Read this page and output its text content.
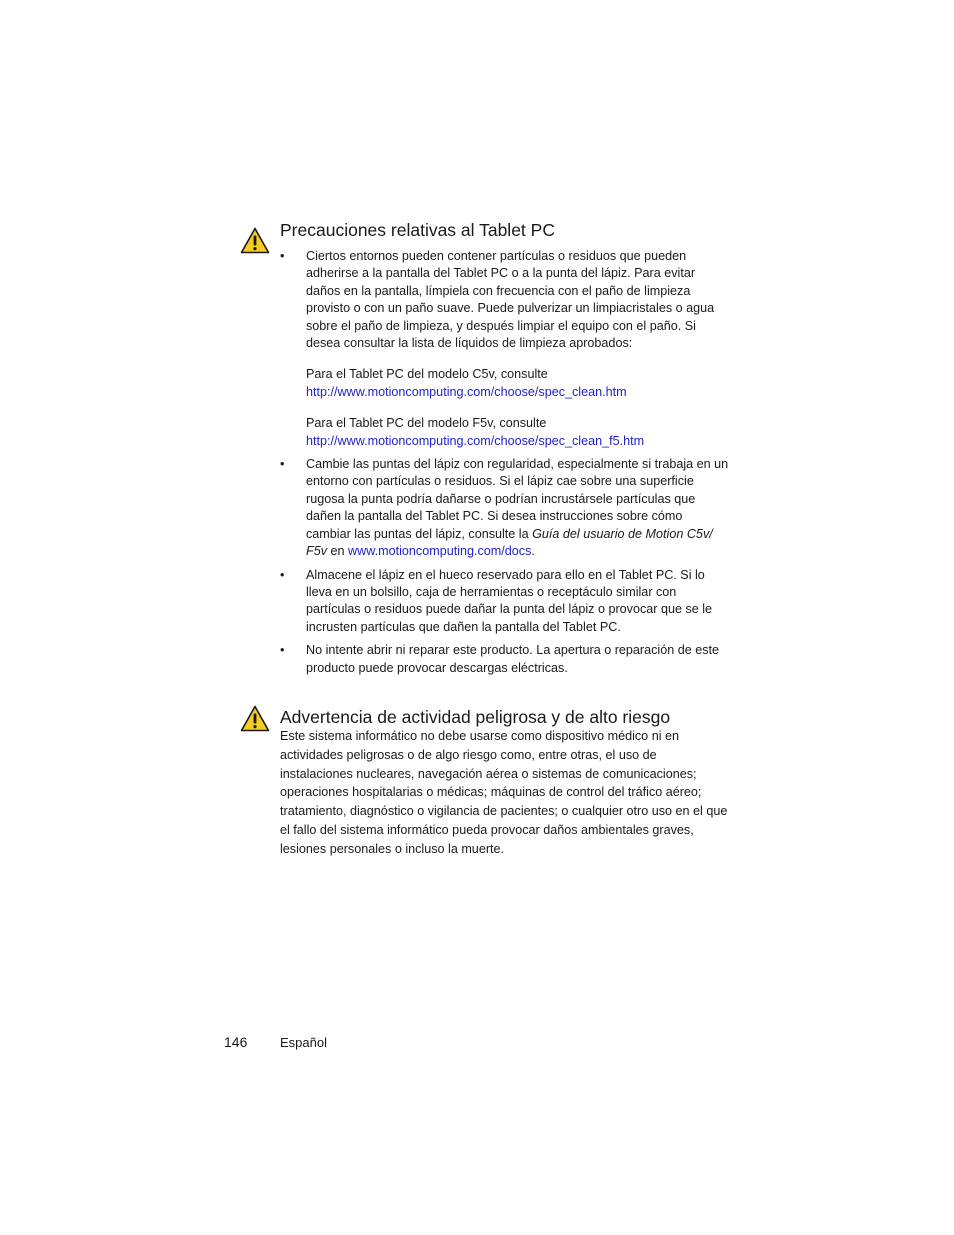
Precauciones relativas al Tablet PC
• Ciertos entornos pueden contener partículas o residuos que pueden adherirse a la pantalla del Tablet PC o a la punta del lápiz. Para evitar daños en la pantalla, límpiela con frecuencia con el paño de limpieza provisto o con un paño suave. Puede pulverizar un limpiacristales o agua sobre el paño de limpieza, y después limpiar el equipo con el paño. Si desea consultar la lista de líquidos de limpieza aprobados:
Para el Tablet PC del modelo C5v, consulte
http://www.motioncomputing.com/choose/spec_clean.htm
Para el Tablet PC del modelo F5v, consulte
http://www.motioncomputing.com/choose/spec_clean_f5.htm
• Cambie las puntas del lápiz con regularidad, especialmente si trabaja en un entorno con partículas o residuos. Si el lápiz cae sobre una superficie rugosa la punta podría dañarse o podrían incrustársele partículas que dañen la pantalla del Tablet PC. Si desea instrucciones sobre cómo cambiar las puntas del lápiz, consulte la Guía del usuario de Motion C5v/ F5v en www.motioncomputing.com/docs.
• Almacene el lápiz en el hueco reservado para ello en el Tablet PC. Si lo lleva en un bolsillo, caja de herramientas o receptáculo similar con partículas o residuos puede dañar la punta del lápiz o provocar que se le incrusten partículas que dañen la pantalla del Tablet PC.
• No intente abrir ni reparar este producto. La apertura o reparación de este producto puede provocar descargas eléctricas.
Advertencia de actividad peligrosa y de alto riesgo

Este sistema informático no debe usarse como dispositivo médico ni en actividades peligrosas o de algo riesgo como, entre otras, el uso de instalaciones nucleares, navegación aérea o sistemas de comunicaciones; operaciones hospitalarias o médicas; máquinas de control del tráfico aéreo; tratamiento, diagnóstico o vigilancia de pacientes; o cualquier otro uso en el que el fallo del sistema informático pueda provocar daños ambientales graves, lesiones personales o incluso la muerte.

146	Español
